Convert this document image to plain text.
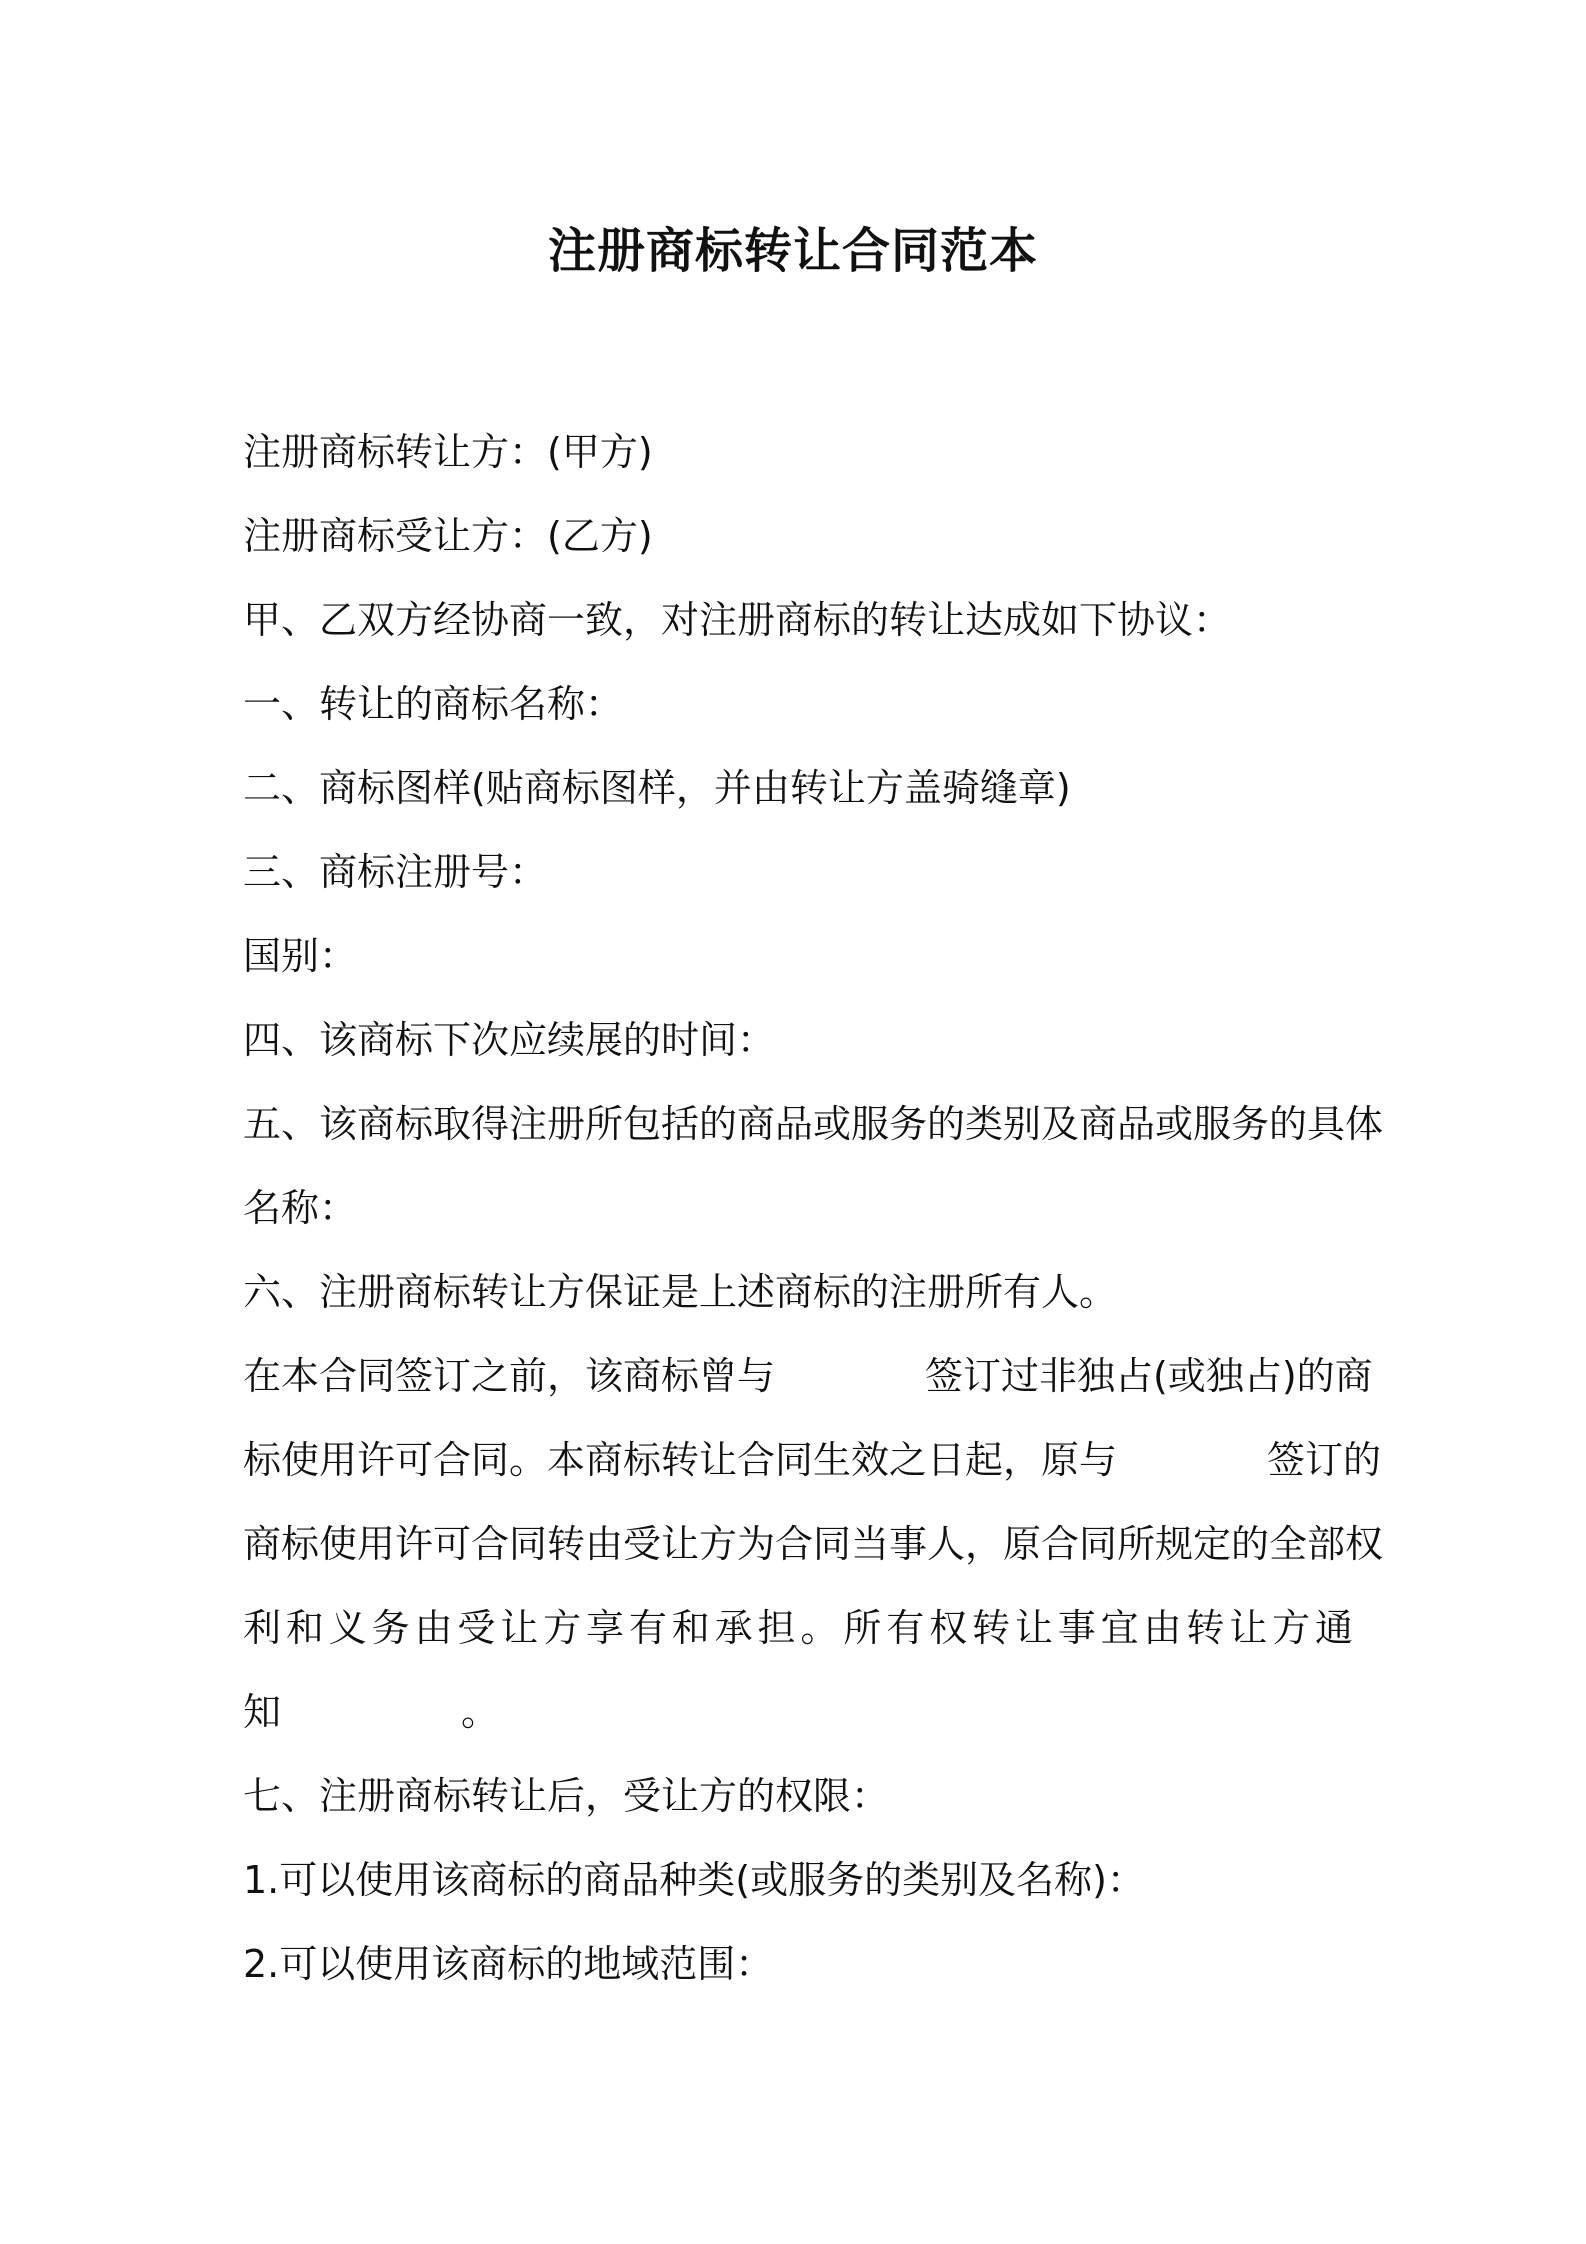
注册商标转让合同范本
注册商标转让方：(甲方)
注册商标受让方：(乙方)
甲、乙双方经协商一致，对注册商标的转让达成如下协议：
一、转让的商标名称：
二、商标图样(贴商标图样，并由转让方盖骑缝章)
三、商标注册号：
国别：
四、该商标下次应续展的时间：
五、该商标取得注册所包括的商品或服务的类别及商品或服务的具体
名称：
六、注册商标转让方保证是上述商标的注册所有人。
在本合同签订之前，该商标曾与	签订过非独占(或独占)的商
标使用许可合同。本商标转让合同生效之日起，原与	签订的
商标使用许可合同转由受让方为合同当事人，原合同所规定的全部权
利和义务由受让方享有和承担。所有权转让事宜由转让方通
知	。
七、注册商标转让后，受让方的权限：
1.可以使用该商标的商品种类(或服务的类别及名称)：
2.可以使用该商标的地域范围：
